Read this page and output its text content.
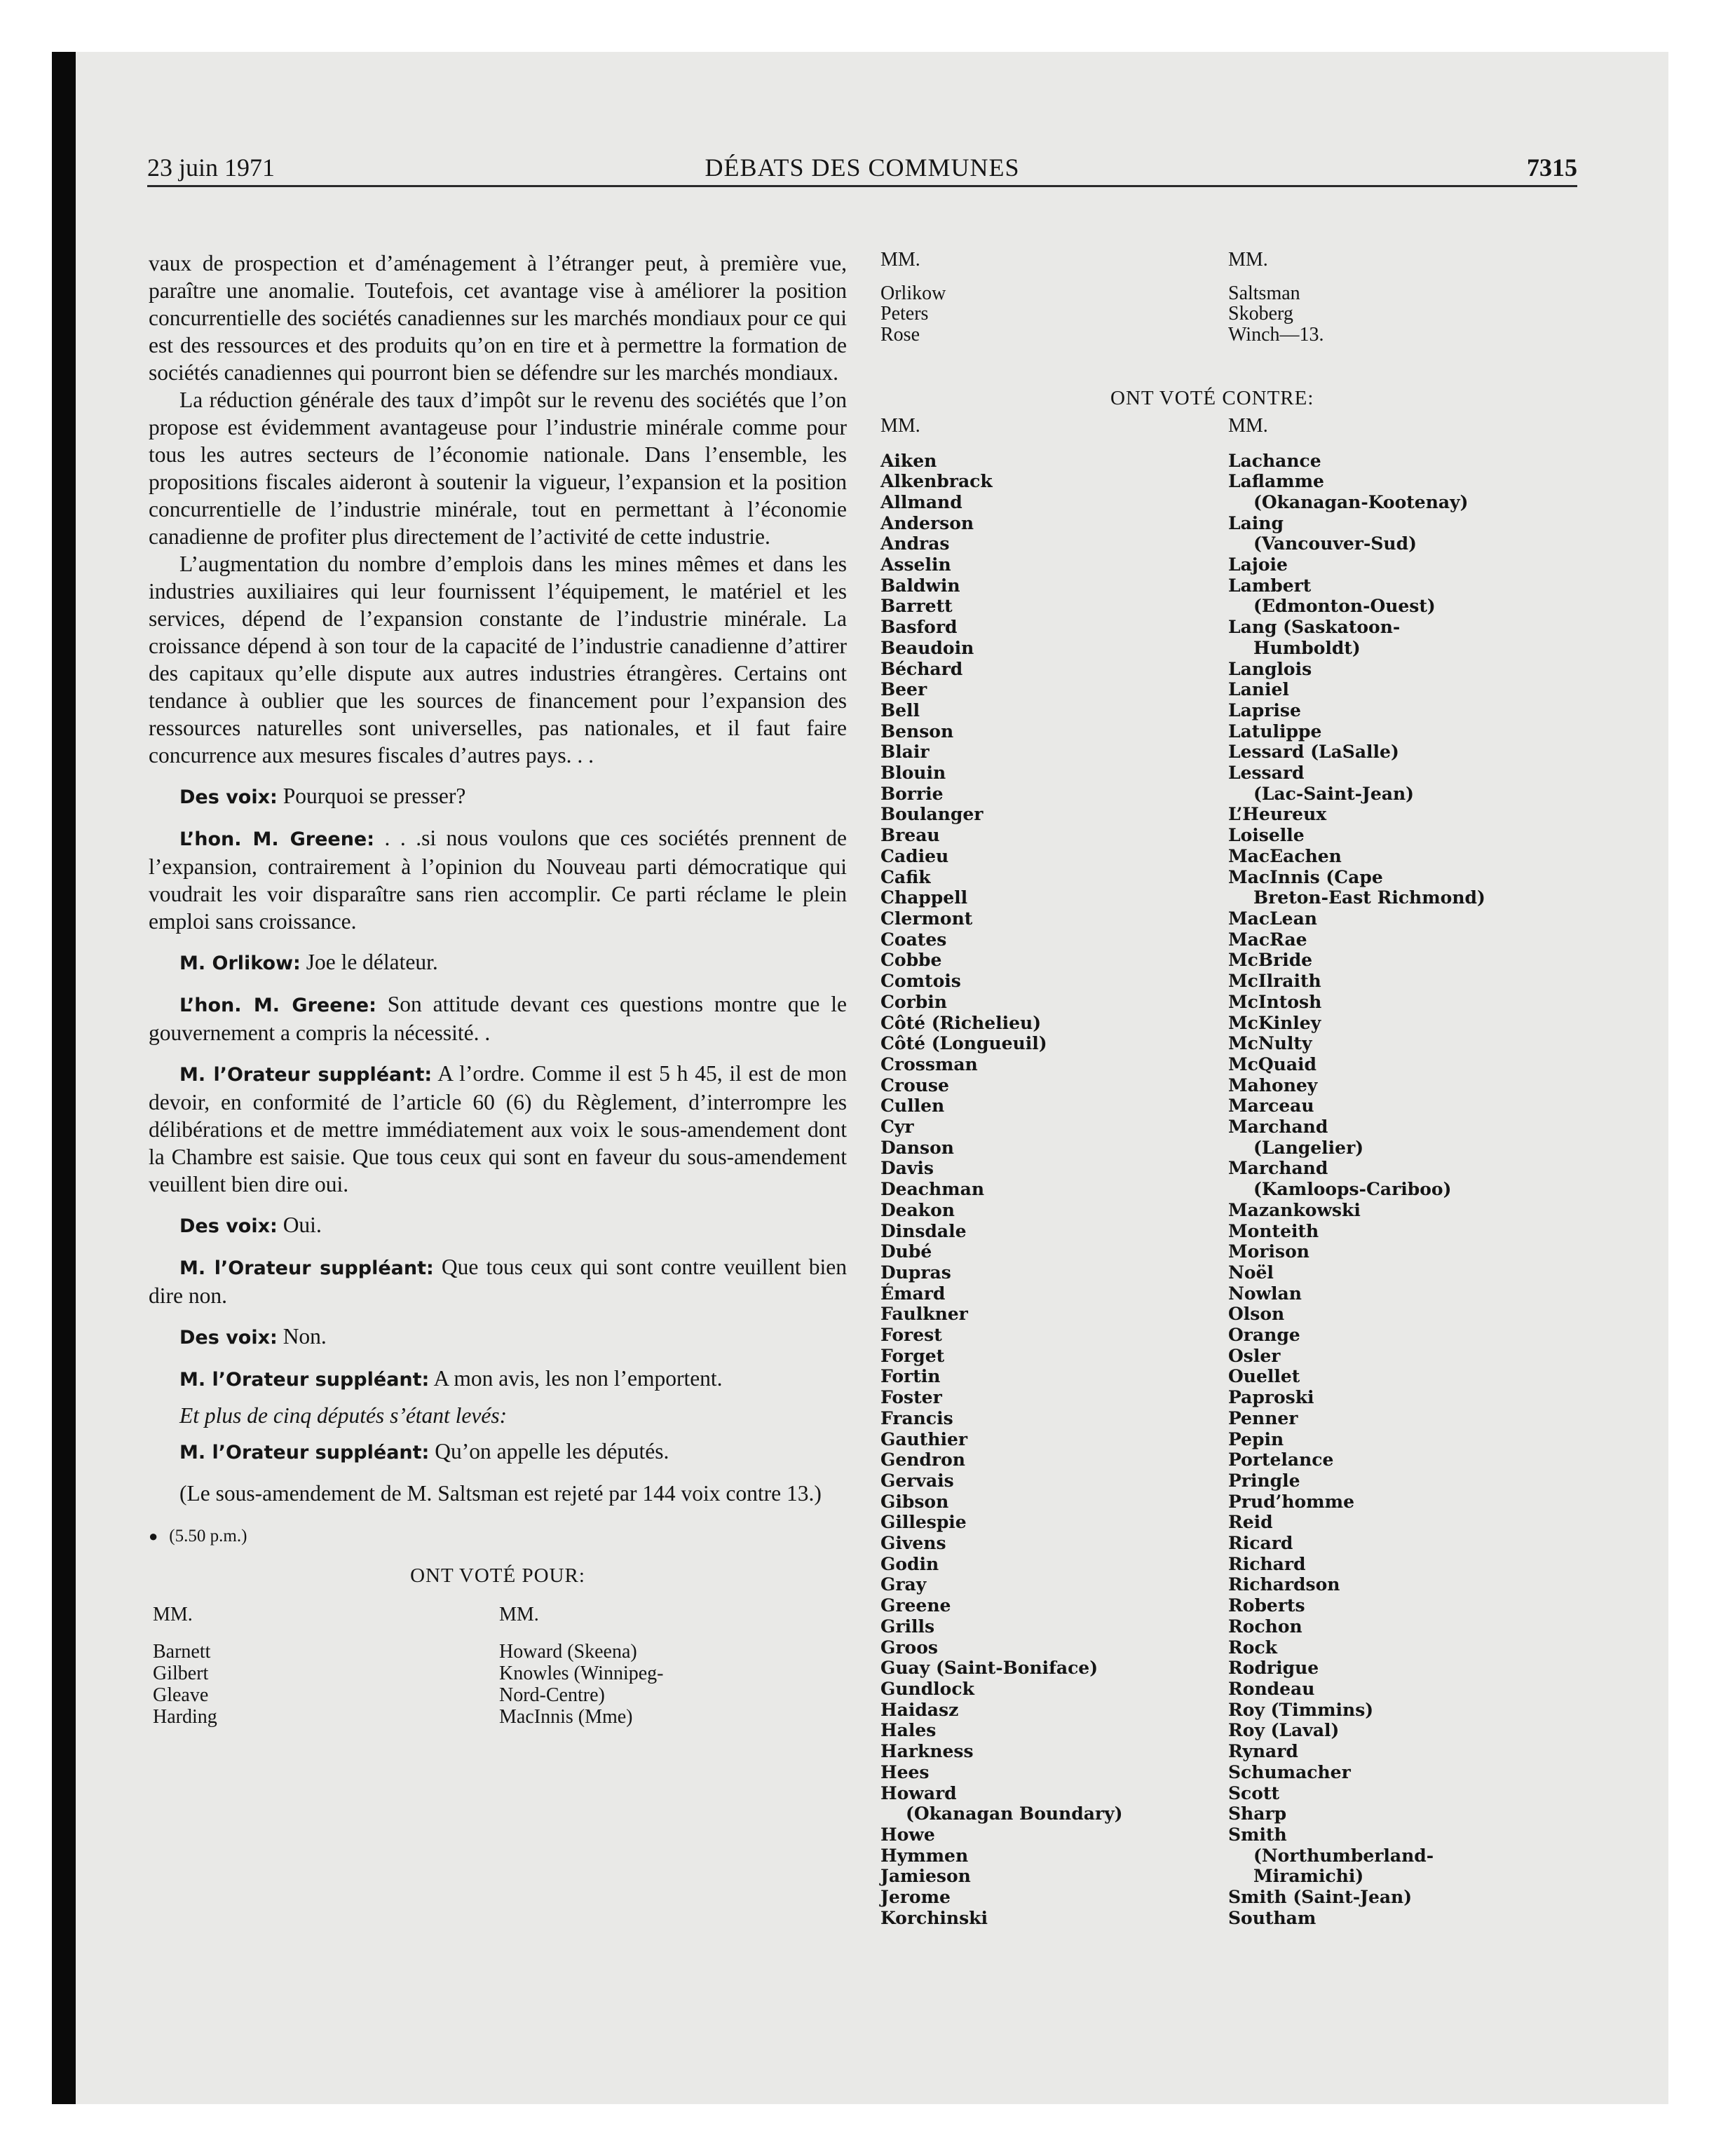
23 juin 1971	DÉBATS DES COMMUNES	7315

vaux de prospection et d’aménagement à l’étranger peut, à première vue, paraître une anomalie. Toutefois, cet avantage vise à améliorer la position concurrentielle des sociétés canadiennes sur les marchés mondiaux pour ce qui est des ressources et des produits qu’on en tire et à permettre la formation de sociétés canadiennes qui pourront bien se défendre sur les marchés mondiaux.

La réduction générale des taux d’impôt sur le revenu des sociétés que l’on propose est évidemment avantageuse pour l’industrie minérale comme pour tous les autres secteurs de l’économie nationale. Dans l’ensemble, les propositions fiscales aideront à soutenir la vigueur, l’expansion et la position concurrentielle de l’industrie minérale, tout en permettant à l’économie canadienne de profiter plus directement de l’activité de cette industrie.

L’augmentation du nombre d’emplois dans les mines mêmes et dans les industries auxiliaires qui leur fournissent l’équipement, le matériel et les services, dépend de l’expansion constante de l’industrie minérale. La croissance dépend à son tour de la capacité de l’industrie canadienne d’attirer des capitaux qu’elle dispute aux autres industries étrangères. Certains ont tendance à oublier que les sources de financement pour l’expansion des ressources naturelles sont universelles, pas nationales, et il faut faire concurrence aux mesures fiscales d’autres pays. . .

Des voix: Pourquoi se presser?

L’hon. M. Greene: . . .si nous voulons que ces sociétés prennent de l’expansion, contrairement à l’opinion du Nouveau parti démocratique qui voudrait les voir disparaître sans rien accomplir. Ce parti réclame le plein emploi sans croissance.

M. Orlikow: Joe le délateur.

L’hon. M. Greene: Son attitude devant ces questions montre que le gouvernement a compris la nécessité. .

M. l’Orateur suppléant: A l’ordre. Comme il est 5 h 45, il est de mon devoir, en conformité de l’article 60 (6) du Règlement, d’interrompre les délibérations et de mettre immédiatement aux voix le sous-amendement dont la Chambre est saisie. Que tous ceux qui sont en faveur du sous-amendement veuillent bien dire oui.

Des voix: Oui.

M. l’Orateur suppléant: Que tous ceux qui sont contre veuillent bien dire non.

Des voix: Non.

M. l’Orateur suppléant: A mon avis, les non l’emportent.

Et plus de cinq députés s’étant levés:

M. l’Orateur suppléant: Qu’on appelle les députés.

(Le sous-amendement de M. Saltsman est rejeté par 144 voix contre 13.)

● (5.50 p.m.)
ONT VOTÉ POUR:
MM.
Barnett
Gilbert
Gleave
Harding
MM.
Howard (Skeena)
Knowles (Winnipeg-
Nord-Centre)
MacInnis (Mme)
MM.
Orlikow
Peters
Rose
MM.
Aiken
Alkenbrack
Allmand
Anderson
Andras
Asselin
Baldwin
Barrett
Basford
Beaudoin
Béchard
Beer
Bell
Benson
Blair
Blouin
Borrie
Boulanger
Breau
Cadieu
Cafik
Chappell
Clermont
Coates
Cobbe
Comtois
Corbin
Côté (Richelieu)
Côté (Longueuil)
Crossman
Crouse
Cullen
Cyr
Danson
Davis
Deachman
Deakon
Dinsdale
Dubé
Dupras
Émard
Faulkner
Forest
Forget
Fortin
Foster
Francis
Gauthier
Gendron
Gervais
Gibson
Gillespie
Givens
Godin
Gray
Greene
Grills
Groos
Guay (Saint-Boniface)
Gundlock
Haidasz
Hales
Harkness
Hees
Howard
(Okanagan Boundary)
Howe
Hymmen
Jamieson
Jerome
Korchinski
MM.
Saltsman
Skoberg
Winch—13.
MM.
Lachance
Laflamme
(Okanagan-Kootenay)
Laing
(Vancouver-Sud)
Lajoie
Lambert
(Edmonton-Ouest)
Lang (Saskatoon-
Humboldt)
Langlois
Laniel
Laprise
Latulippe
Lessard (LaSalle)
Lessard
(Lac-Saint-Jean)
L’Heureux
Loiselle
MacEachen
MacInnis (Cape
Breton-East Richmond)
MacLean
MacRae
McBride
McIlraith
McIntosh
McKinley
McNulty
McQuaid
Mahoney
Marceau
Marchand
(Langelier)
Marchand
(Kamloops-Cariboo)
Mazankowski
Monteith
Morison
Noël
Nowlan
Olson
Orange
Osler
Ouellet
Paproski
Penner
Pepin
Portelance
Pringle
Prud’homme
Reid
Ricard
Richard
Richardson
Roberts
Rochon
Rock
Rodrigue
Rondeau
Roy (Timmins)
Roy (Laval)
Rynard
Schumacher
Scott
Sharp
Smith
(Northumberland-
Miramichi)
Smith (Saint-Jean)
Southam
ONT VOTÉ CONTRE:
